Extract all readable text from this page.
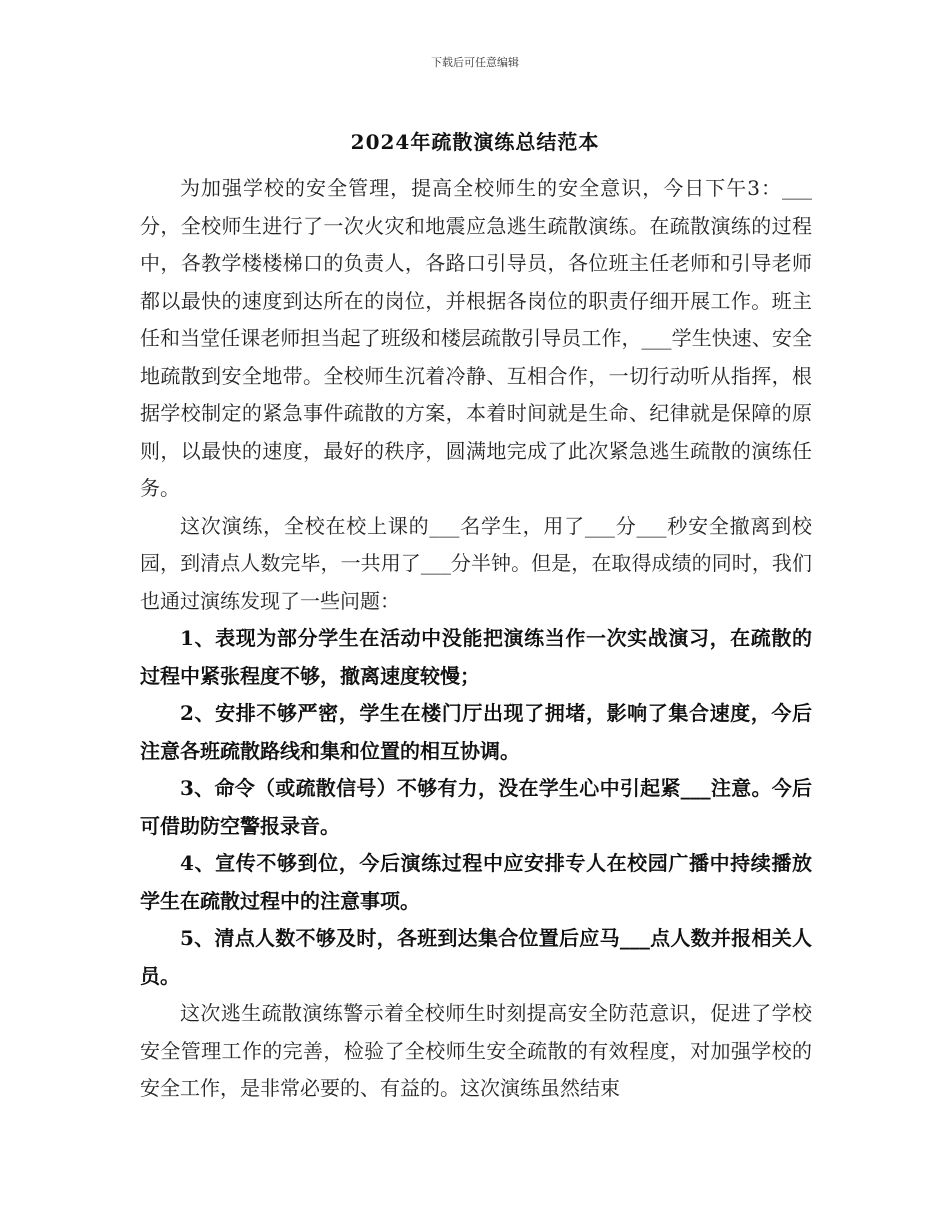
下载后可任意编辑
2024年疏散演练总结范本

为加强学校的安全管理，提高全校师生的安全意识，今日下午3：___分，全校师生进行了一次火灾和地震应急逃生疏散演练。在疏散演练的过程中，各教学楼楼梯口的负责人，各路口引导员，各位班主任老师和引导老师都以最快的速度到达所在的岗位，并根据各岗位的职责仔细开展工作。班主任和当堂任课老师担当起了班级和楼层疏散引导员工作，___学生快速、安全地疏散到安全地带。全校师生沉着冷静、互相合作，一切行动听从指挥，根据学校制定的紧急事件疏散的方案，本着时间就是生命、纪律就是保障的原则，以最快的速度，最好的秩序，圆满地完成了此次紧急逃生疏散的演练任务。

这次演练，全校在校上课的___名学生，用了___分___秒安全撤离到校园，到清点人数完毕，一共用了___分半钟。但是，在取得成绩的同时，我们也通过演练发现了一些问题：

1、表现为部分学生在活动中没能把演练当作一次实战演习，在疏散的过程中紧张程度不够，撤离速度较慢；

2、安排不够严密，学生在楼门厅出现了拥堵，影响了集合速度，今后注意各班疏散路线和集和位置的相互协调。

3、命令（或疏散信号）不够有力，没在学生心中引起紧___注意。今后可借助防空警报录音。

4、宣传不够到位，今后演练过程中应安排专人在校园广播中持续播放学生在疏散过程中的注意事项。

5、清点人数不够及时，各班到达集合位置后应马___点人数并报相关人员。

这次逃生疏散演练警示着全校师生时刻提高安全防范意识，促进了学校安全管理工作的完善，检验了全校师生安全疏散的有效程度，对加强学校的安全工作，是非常必要的、有益的。这次演练虽然结束
